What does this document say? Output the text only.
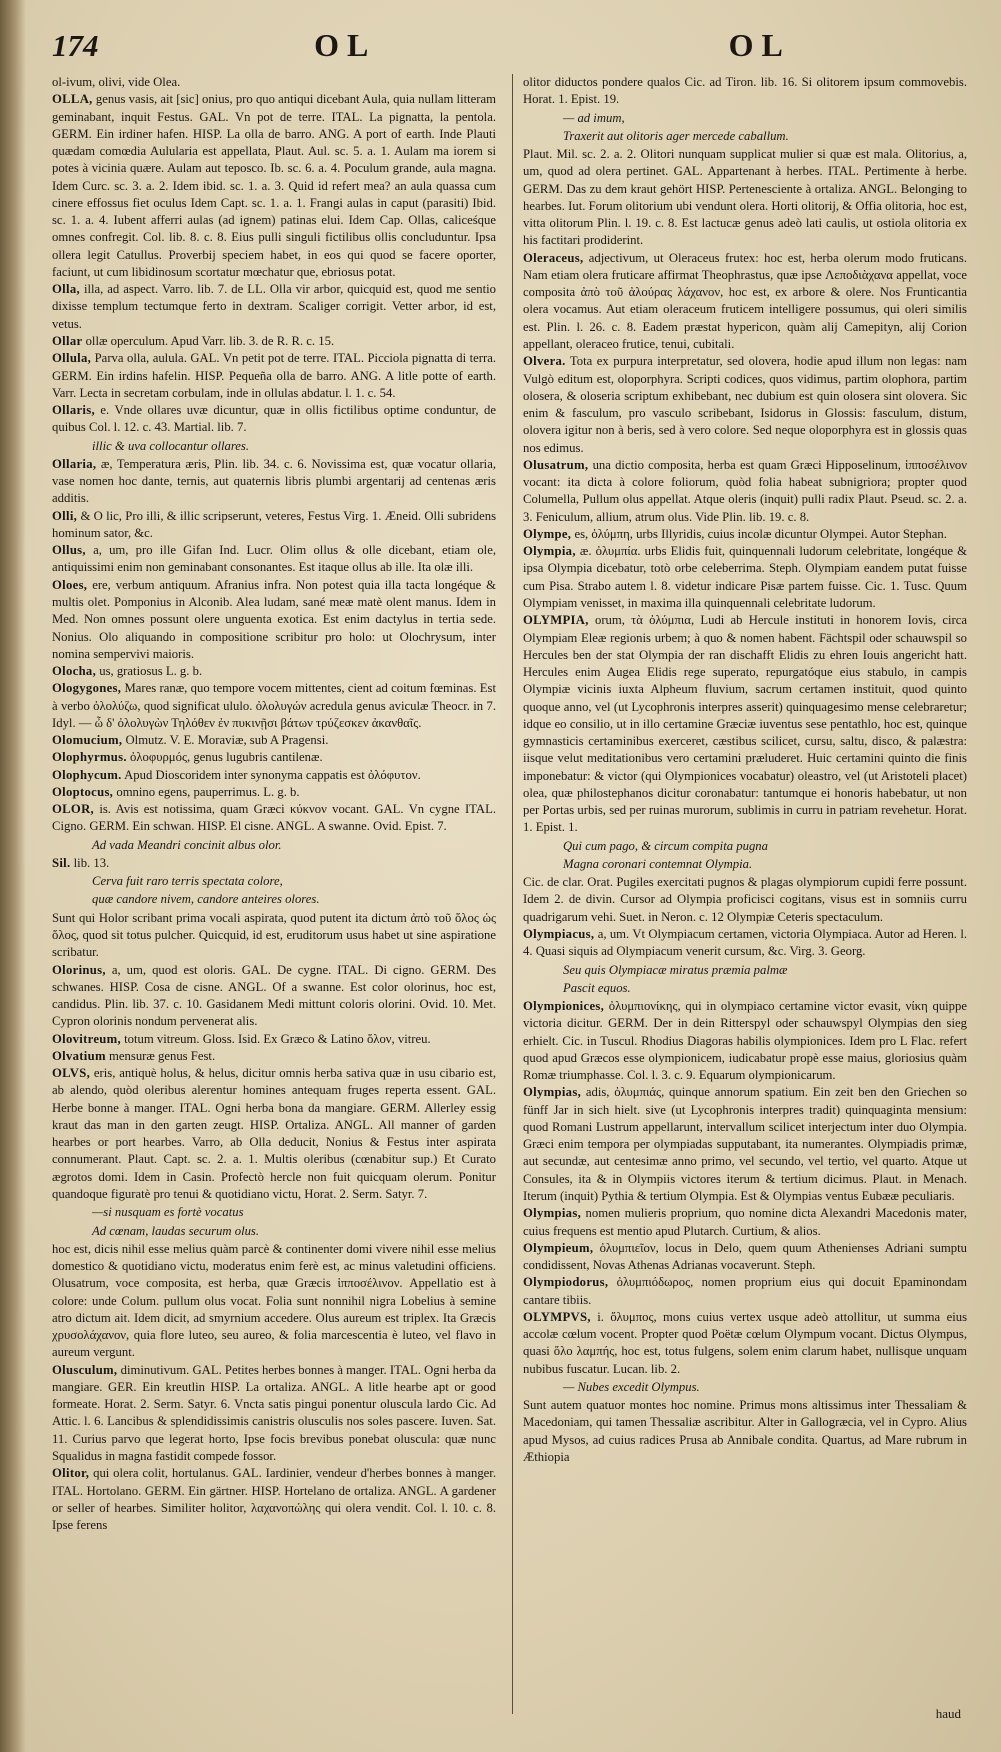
174	OL	OL

ol-ivum, olivi, vide Olea.

OLLA, genus vasis, ait [sic] onius, pro quo antiqui dicebant Aula, quia nullam litteram geminabant, inquit Festus. GAL. Vn pot de terre. ITAL. La pignatta, la pentola. GERM. Ein irdiner hafen. HISP. La olla de barro. ANG. A port of earth. Inde Plauti quædam comœdia Aulularia est appellata, Plaut. Aul. sc. 5. a. 1. Aulam ma iorem si potes à vicinia quære. Aulam aut teposco. Ib. sc. 6. a. 4. Poculum grande, aula magna. Idem Curc. sc. 3. a. 2. Idem ibid. sc. 1. a. 3. Quid id refert mea? an aula quassa cum cinere effossus fiet oculus Idem Capt. sc. 1. a. 1. Frangi aulas in caput (parasiti) Ibid. sc. 1. a. 4. Iubent afferri aulas (ad ignem) patinas elui. Idem Cap. Ollas, caliceśque omnes confregit. Col. lib. 8. c. 8. Eius pulli singuli fictilibus ollis concluduntur. Ipsa ollera legit Catullus. Proverbij speciem habet, in eos qui quod se facere oporter, faciunt, ut cum libidinosum scortatur mœchatur que, ebriosus potat.

Olla, illa, ad aspect. Varro. lib. 7. de LL. Olla vir arbor, quicquid est, quod me sentio dixisse templum tectumque ferto in dextram. Scaliger corrigit. Vetter arbor, id est, vetus.

Ollar ollæ operculum. Apud Varr. lib. 3. de R. R. c. 15.

Ollula, Parva olla, aulula. GAL. Vn petit pot de terre. ITAL. Picciola pignatta di terra. GERM. Ein irdins hafelin. HISP. Pequeña olla de barro. ANG. A litle potte of earth. Varr. Lecta in secretam corbulam, inde in ollulas abdatur. l. 1. c. 54.

Ollaris, e. Vnde ollares uvæ dicuntur, quæ in ollis fictilibus optime conduntur, de quibus Col. l. 12. c. 43. Martial. lib. 7.

illic & uva collocantur ollares.

Ollaria, æ, Temperatura æris, Plin. lib. 34. c. 6. Novissima est, quæ vocatur ollaria, vase nomen hoc dante, ternis, aut quaternis libris plumbi argentarij ad centenas æris additis.

Olli, & O lic, Pro illi, & illic scripserunt, veteres, Festus Virg. 1. Æneid. Olli subridens hominum sator, &c.

Ollus, a, um, pro ille Gifan Ind. Lucr. Olim ollus & olle dicebant, etiam ole, antiquissimi enim non geminabant consonantes. Est itaque ollus ab ille. Ita olæ illi.

Oloes, ere, verbum antiquum. Afranius infra. Non potest quia illa tacta longéque & multis olet. Pomponius in Alconib. Alea ludam, sané meæ matè olent manus. Idem in Med. Non omnes possunt olere unguenta exotica. Est enim dactylus in tertia sede. Nonius. Olo aliquando in compositione scribitur pro holo: ut Olochrysum, inter nomina sempervivi maioris.

Olocha, us, gratiosus L. g. b.

Ologygones, Mares ranæ, quo tempore vocem mittentes, cient ad coitum fœminas. Est à verbo ὀλολύζω, quod significat ululo. ὀλολυγών acredula genus aviculæ Theocr. in 7. Idyl. — ὦ δ' ὀλολυγὼν Τηλόθεν ἐν πυκινῇσι βάτων τρύζεσκεν ἀκανθαῖς.

Olomucium, Olmutz. V. E. Moraviæ, sub A Pragensi.

Olophyrmus. ὀλοφυρμός, genus lugubris cantilenæ.

Olophycum. Apud Dioscoridem inter synonyma cappatis est ὀλόφυτον.

Oloptocus, omnino egens, pauperrimus. L. g. b.

OLOR, is. Avis est notissima, quam Græci κύκνον vocant. GAL. Vn cygne ITAL. Cigno. GERM. Ein schwan. HISP. El cisne. ANGL. A swanne. Ovid. Epist. 7.

Ad vada Meandri concinit albus olor.

Sil. lib. 13.

Cerva fuit raro terris spectata colore,
quæ candore nivem, candore anteires olores.

Sunt qui Holor scribant prima vocali aspirata, quod putent ita dictum ἀπὸ τοῦ ὅλος ὡς ὅλος, quod sit totus pulcher. Quicquid, id est, eruditorum usus habet ut sine aspiratione scribatur.

Olorinus, a, um, quod est oloris. GAL. De cygne. ITAL. Di cigno. GERM. Des schwanes. HISP. Cosa de cisne. ANGL. Of a swanne. Est color olorinus, hoc est, candidus. Plin. lib. 37. c. 10. Gasidanem Medi mittunt coloris olorini. Ovid. 10. Met. Cypron olorinis nondum pervenerat alis.

Olovitreum, totum vitreum. Gloss. Isid. Ex Græco & Latino ὅλον, vitreu.

Olvatium mensuræ genus Fest.

OLVS, eris, antiquè holus, & helus, dicitur omnis herba sativa quæ in usu cibario est, ab alendo, quòd oleribus alerentur homines antequam fruges reperta essent. GAL. Herbe bonne à manger. ITAL. Ogni herba bona da mangiare. GERM. Allerley essig kraut das man in den garten zeugt. HISP. Ortaliza. ANGL. All manner of garden hearbes or port hearbes. Varro, ab Olla deducit, Nonius & Festus inter aspirata connumerant. Plaut. Capt. sc. 2. a. 1. Multis oleribus (cœnabitur sup.) Et Curato ægrotos domi. Idem in Casin. Profectò hercle non fuit quicquam olerum. Ponitur quandoque figuratè pro tenui & quotidiano victu, Horat. 2. Serm. Satyr. 7.

—si nusquam es fortè vocatus
Ad cœnam, laudas securum olus.

hoc est, dicis nihil esse melius quàm parcè & continenter domi vivere nihil esse melius domestico & quotidiano victu, moderatus enim ferè est, ac minus valetudini officiens. Olusatrum, voce composita, est herba, quæ Græcis ἱπποσέλινον. Appellatio est à colore: unde Colum. pullum olus vocat. Folia sunt nonnihil nigra Lobelius à semine atro dictum ait. Idem dicit, ad smyrnium accedere. Olus aureum est triplex. Ita Græcis χρυσολάχανον, quia flore luteo, seu aureo, & folia marcescentia è luteo, vel flavo in aureum vergunt.

Olusculum, diminutivum. GAL. Petites herbes bonnes à manger. ITAL. Ogni herba da mangiare. GER. Ein kreutlin HISP. La ortaliza. ANGL. A litle hearbe apt or good formeate. Horat. 2. Serm. Satyr. 6. Vncta satis pingui ponentur oluscula lardo Cic. Ad Attic. l. 6. Lancibus & splendidissimis canistris olusculis nos soles pascere. Iuven. Sat. 11. Curius parvo que legerat horto, Ipse focis brevibus ponebat oluscula: quæ nunc Squalidus in magna fastidit compede fossor.

Olitor, qui olera colit, hortulanus. GAL. Iardinier, vendeur d'herbes bonnes à manger. ITAL. Hortolano. GERM. Ein gärtner. HISP. Hortelano de ortaliza. ANGL. A gardener or seller of hearbes. Similiter holitor, λαχανοπώλης qui olera vendit. Col. l. 10. c. 8. Ipse ferens

olitor diductos pondere qualos Cic. ad Tiron. lib. 16. Si olitorem ipsum commovebis. Horat. 1. Epist. 19.

— ad imum,
Traxerit aut olitoris ager mercede caballum.

Plaut. Mil. sc. 2. a. 2. Olitori nunquam supplicat mulier si quæ est mala. Olitorius, a, um, quod ad olera pertinet. GAL. Appartenant à herbes. ITAL. Pertimente à herbe. GERM. Das zu dem kraut gehört HISP. Pertenesciente à ortaliza. ANGL. Belonging to hearbes. Iut. Forum olitorium ubi vendunt olera. Horti olitorij, & Offia olitoria, hoc est, vitta olitorum Plin. l. 19. c. 8. Est lactucæ genus adeò lati caulis, ut ostiola olitoria ex his factitari prodiderint.

Oleraceus, adjectivum, ut Oleraceus frutex: hoc est, herba olerum modo fruticans. Nam etiam olera fruticare affirmat Theophrastus, quæ ipse Λεποδιὰχανα appellat, voce composita ἀπὸ τοῦ ἀλούρας λάχανον, hoc est, ex arbore & olere. Nos Frunticantia olera vocamus. Aut etiam oleraceum fruticem intelligere possumus, qui oleri similis est. Plin. l. 26. c. 8. Eadem præstat hypericon, quàm alij Camepityn, alij Corion appellant, oleraceo frutice, tenui, cubitali.

Olvera. Tota ex purpura interpretatur, sed olovera, hodie apud illum non legas: nam Vulgò editum est, oloporphyra. Scripti codices, quos vidimus, partim olophora, partim olosera, & oloseria scriptum exhibebant, nec dubium est quin olosera sint olovera. Sic enim & fasculum, pro vasculo scribebant, Isidorus in Glossis: fasculum, distum, olovera igitur non à beris, sed à vero colore. Sed neque oloporphyra est in glossis quas nos edimus.

Olusatrum, una dictio composita, herba est quam Græci Hipposelinum, ἱπποσέλινον vocant: ita dicta à colore foliorum, quòd folia habeat subnigriora; propter quod Columella, Pullum olus appellat. Atque oleris (inquit) pulli radix Plaut. Pseud. sc. 2. a. 3. Feniculum, allium, atrum olus. Vide Plin. lib. 19. c. 8.

Olympe, es, ὀλύμπη, urbs Illyridis, cuius incolæ dicuntur Olympei. Autor Stephan.

Olympia, æ. ὀλυμπία. urbs Elidis fuit, quinquennali ludorum celebritate, longéque & ipsa Olympia dicebatur, totò orbe celeberrima. Steph. Olympiam eandem putat fuisse cum Pisa. Strabo autem l. 8. videtur indicare Pisæ partem fuisse. Cic. 1. Tusc. Quum Olympiam venisset, in maxima illa quinquennali celebritate ludorum.

OLYMPIA, orum, τὰ ὀλύμπια, Ludi ab Hercule instituti in honorem Iovis, circa Olympiam Eleæ regionis urbem; à quo & nomen habent. Fächtspil oder schauwspil so Hercules ben der stat Olympia der ran dischafft Elidis zu ehren Iouis angericht hatt. Hercules enim Augea Elidis rege superato, repurgatóque eius stabulo, in campis Olympiæ vicinis iuxta Alpheum fluvium, sacrum certamen instituit, quod quinto quoque anno, vel (ut Lycophronis interpres asserit) quinquagesimo mense celebraretur; idque eo consilio, ut in illo certamine Græciæ iuventus sese pentathlo, hoc est, quinque gymnasticis certaminibus exerceret, cæstibus scilicet, cursu, saltu, disco, & palæstra: iisque velut meditationibus vero certamini præluderet. Huic certamini quinto die finis imponebatur: & victor (qui Olympionices vocabatur) oleastro, vel (ut Aristoteli placet) olea, quæ philostephanos dicitur coronabatur: tantumque ei honoris habebatur, ut non per Portas urbis, sed per ruinas murorum, sublimis in curru in patriam revehetur. Horat. 1. Epist. 1.

Qui cum pago, & circum compita pugna
Magna coronari contemnat Olympia.

Cic. de clar. Orat. Pugiles exercitati pugnos & plagas olympiorum cupidi ferre possunt. Idem 2. de divin. Cursor ad Olympia proficisci cogitans, visus est in somniis curru quadrigarum vehi. Suet. in Neron. c. 12 Olympiæ Ceteris spectaculum.

Olympiacus, a, um. Vt Olympiacum certamen, victoria Olympiaca. Autor ad Heren. l. 4. Quasi siquis ad Olympiacum venerit cursum, &c. Virg. 3. Georg.

Seu quis Olympiacæ miratus præmia palmæ
Pascit equos.

Olympionices, ὀλυμπιονίκης, qui in olympiaco certamine victor evasit, νίκη quippe victoria dicitur. GERM. Der in dein Ritterspyl oder schauwspyl Olympias den sieg erhielt. Cic. in Tuscul. Rhodius Diagoras habilis olympionices. Idem pro L Flac. refert quod apud Græcos esse olympionicem, iudicabatur propè esse maius, gloriosius quàm Romæ triumphasse. Col. l. 3. c. 9. Equarum olympionicarum.

Olympias, adis, ὀλυμπιάς, quinque annorum spatium. Ein zeit ben den Griechen so fünff Jar in sich hielt. sive (ut Lycophronis interpres tradit) quinquaginta mensium: quod Romani Lustrum appellarunt, intervallum scilicet interjectum inter duo Olympia. Græci enim tempora per olympiadas supputabant, ita numerantes. Olympiadis primæ, aut secundæ, aut centesimæ anno primo, vel secundo, vel tertio, vel quarto. Atque ut Consules, ita & in Olympiis victores iterum & tertium dicimus. Plaut. in Menach. Iterum (inquit) Pythia & tertium Olympia. Est & Olympias ventus Eubææ peculiaris.

Olympias, nomen mulieris proprium, quo nomine dicta Alexandri Macedonis mater, cuius frequens est mentio apud Plutarch. Curtium, & alios.

Olympieum, ὀλυμπιεῖον, locus in Delo, quem quum Athenienses Adriani sumptu condidissent, Novas Athenas Adrianas vocaverunt. Steph.

Olympiodorus, ὀλυμπιόδωρος, nomen proprium eius qui docuit Epaminondam cantare tibiis.

OLYMPVS, i. ὄλυμπος, mons cuius vertex usque adeò attollitur, ut summa eius accolæ cœlum vocent. Propter quod Poëtæ cœlum Olympum vocant. Dictus Olympus, quasi ὅλο λαμπής, hoc est, totus fulgens, solem enim clarum habet, nullisque unquam nubibus fuscatur. Lucan. lib. 2.

— Nubes excedit Olympus.

Sunt autem quatuor montes hoc nomine. Primus mons altissimus inter Thessaliam & Macedoniam, qui tamen Thessaliæ ascribitur. Alter in Gallogræcia, vel in Cypro. Alius apud Mysos, ad cuius radices Prusa ab Annibale condita. Quartus, ad Mare rubrum in Æthiopia

haud
